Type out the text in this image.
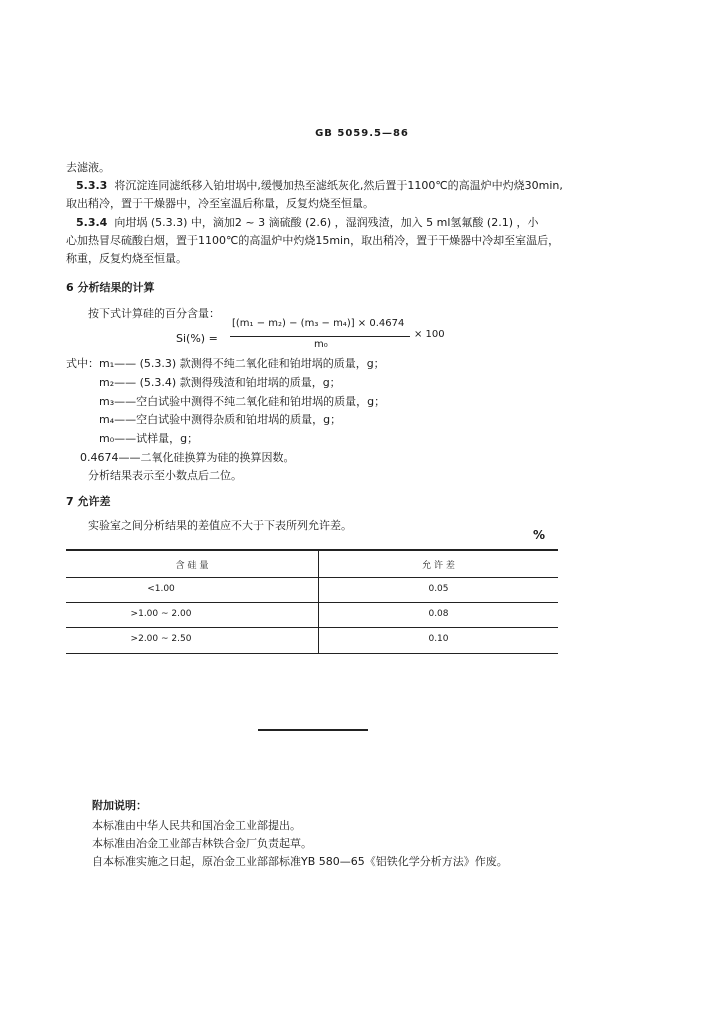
GB 5059.5—86
去滤液。
5.3.3 将沉淀连同滤纸移入铂坩埚中,缓慢加热至滤纸灰化,然后置于1100℃的高温炉中灼烧30min,
取出稍冷，置于干燥器中，冷至室温后称量，反复灼烧至恒量。
5.3.4 向坩埚 (5.3.3) 中，滴加2 ~ 3 滴硫酸 (2.6) ，湿润残渣，加入 5 ml氢氟酸 (2.1) ，小
心加热冒尽硫酸白烟，置于1100℃的高温炉中灼烧15min，取出稍冷，置于干燥器中冷却至室温后，
称重，反复灼烧至恒量。
6 分析结果的计算
按下式计算硅的百分含量：
Si(%) =
[(m₁ − m₂) − (m₃ − m₄)] × 0.4674
m₀
× 100
式中： m₁—— (5.3.3) 款测得不纯二氧化硅和铂坩埚的质量，g；
m₂—— (5.3.4) 款测得残渣和铂坩埚的质量，g；
m₃——空白试验中测得不纯二氧化硅和铂坩埚的质量，g；
m₄——空白试验中测得杂质和铂坩埚的质量，g；
m₀——试样量，g；
0.4674——二氧化硅换算为硅的换算因数。
分析结果表示至小数点后二位。
7 允许差
实验室之间分析结果的差值应不大于下表所列允许差。
%
含 硅 量	允 许 差
<1.00	0.05
>1.00 ~ 2.00	0.08
>2.00 ~ 2.50	0.10
附加说明：
本标准由中华人民共和国冶金工业部提出。
本标准由冶金工业部吉林铁合金厂负责起草。
自本标准实施之日起，原冶金工业部部标准YB 580—65《铝铁化学分析方法》作废。
